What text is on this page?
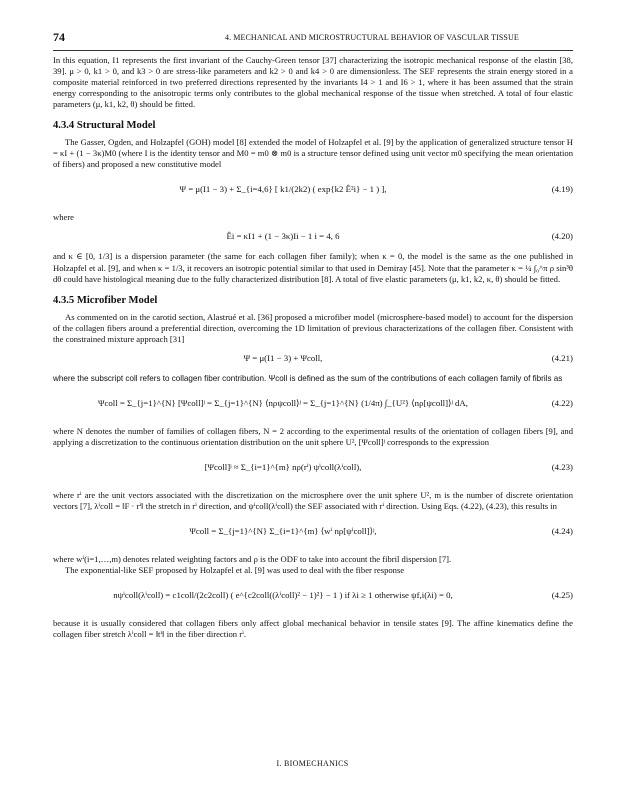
74	4. MECHANICAL AND MICROSTRUCTURAL BEHAVIOR OF VASCULAR TISSUE

In this equation, I1 represents the first invariant of the Cauchy-Green tensor [37] characterizing the isotropic mechanical response of the elastin [38, 39]. μ > 0, k1 > 0, and k3 > 0 are stress-like parameters and k2 > 0 and k4 > 0 are dimensionless. The SEF represents the strain energy stored in a composite material reinforced in two preferred directions represented by the invariants I4 > 1 and I6 > 1, where it has been assumed that the strain energy corresponding to the anisotropic terms only contributes to the global mechanical response of the tissue when stretched. A total of four elastic parameters (μ, k1, k2, θ) should be fitted.

4.3.4 Structural Model

The Gasser, Ogden, and Holzapfel (GOH) model [8] extended the model of Holzapfel et al. [9] by the application of generalized structure tensor H = κI + (1 − 3κ)M0 (where I is the identity tensor and M0 = m0 ⊗ m0 is a structure tensor defined using unit vector m0 specifying the mean orientation of fibers) and proposed a new constitutive model

Ψ = μ(I1 − 3) + Σ_{i=4,6} [ k1/(2k2) ( exp{k2 Ê²i} − 1 ) ],	(4.19)

where

Êi = κI1 + (1 − 3κ)Ii − 1 i = 4, 6	(4.20)

and κ ∈ [0, 1/3] is a dispersion parameter (the same for each collagen fiber family); when κ = 0, the model is the same as the one published in Holzapfel et al. [9], and when κ = 1/3, it recovers an isotropic potential similar to that used in Demiray [45]. Note that the parameter κ = ¼ ∫₀^π ρ sin³θ dθ could have histological meaning due to the fully characterized distribution [8]. A total of five elastic parameters (μ, k1, k2, κ, θ) should be fitted.

4.3.5 Microfiber Model

As commented on in the carotid section, Alastrué et al. [36] proposed a microfiber model (microsphere-based model) to account for the dispersion of the collagen fibers around a preferential direction, overcoming the 1D limitation of previous characterizations of the collagen fiber. Consistent with the constrained mixture approach [31]

Ψ = μ(I1 − 3) + Ψcoll,	(4.21)

where the subscript coll refers to collagen fiber contribution. Ψcoll is defined as the sum of the contributions of each collagen family of fibrils as

Ψcoll = Σ_{j=1}^{N} [Ψcoll]ʲ = Σ_{j=1}^{N} ⟨nρψcoll⟩ʲ = Σ_{j=1}^{N} (1/4π) ∫_{U²} ⟨nρ[ψcoll]⟩ʲ dA,	(4.22)

where N denotes the number of families of collagen fibers, N = 2 according to the experimental results of the orientation of collagen fibers [9], and applying a discretization to the continuous orientation distribution on the unit sphere U², [Ψcoll]ʲ corresponds to the expression

[Ψcoll]ʲ ≈ Σ_{i=1}^{m} nρ(rⁱ) ψⁱcoll(λⁱcoll),	(4.23)

where rⁱ are the unit vectors associated with the discretization on the microsphere over the unit sphere U², m is the number of discrete orientation vectors [7], λⁱcoll = ‖F · rⁱ‖ the stretch in rⁱ direction, and ψⁱcoll(λⁱcoll) the SEF associated with rⁱ direction. Using Eqs. (4.22), (4.23), this results in

Ψcoll = Σ_{j=1}^{N} Σ_{i=1}^{m} ⟨wⁱ nρ[ψⁱcoll]⟩ʲ,	(4.24)

where wⁱ(i=1,…,m) denotes related weighting factors and ρ is the ODF to take into account the fibril dispersion [7].

The exponential-like SEF proposed by Holzapfel et al. [9] was used to deal with the fiber response

nψⁱcoll(λⁱcoll) = c1coll/(2c2coll) ( e^{c2coll((λⁱcoll)² − 1)²} − 1 ) if λi ≥ 1 otherwise ψf,i(λi) = 0,	(4.25)

because it is usually considered that collagen fibers only affect global mechanical behavior in tensile states [9]. The affine kinematics define the collagen fiber stretch λⁱcoll = ‖tⁱ‖ in the fiber direction rⁱ.

I. BIOMECHANICS
